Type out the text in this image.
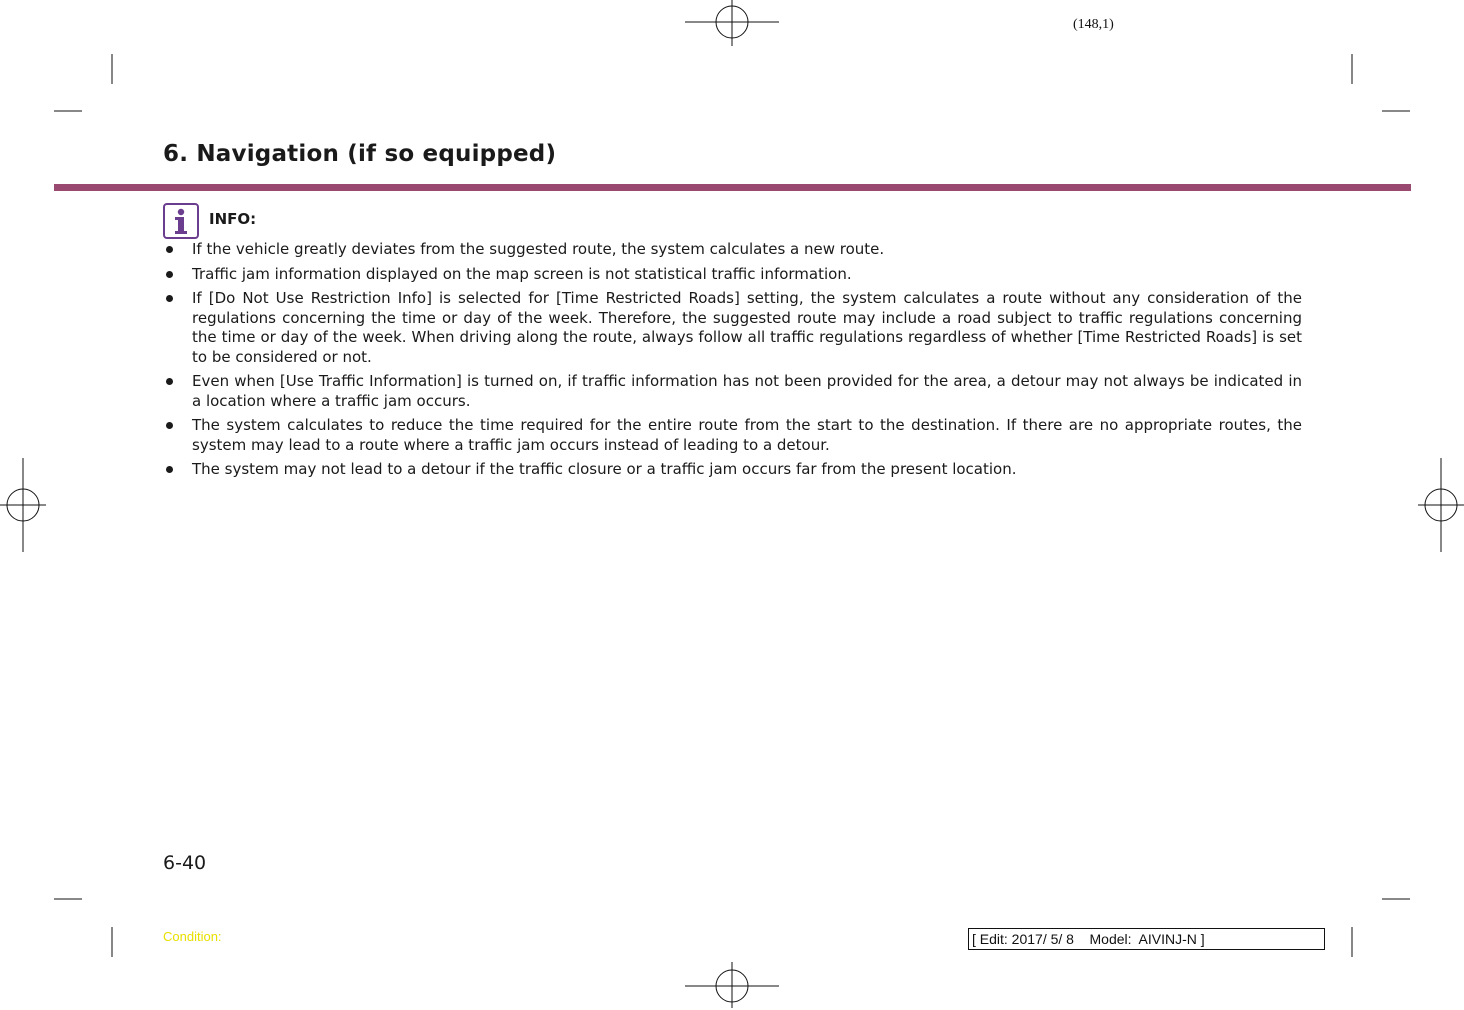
(148,1)
6. Navigation (if so equipped)
INFO:
If the vehicle greatly deviates from the suggested route, the system calculates a new route.
Traffic jam information displayed on the map screen is not statistical traffic information.
If [Do Not Use Restriction Info] is selected for [Time Restricted Roads] setting, the system calculates a route without any consideration of the regulations concerning the time or day of the week. Therefore, the suggested route may include a road subject to traffic regulations concerning the time or day of the week. When driving along the route, always follow all traffic regulations regardless of whether [Time Restricted Roads] is set to be considered or not.
Even when [Use Traffic Information] is turned on, if traffic information has not been provided for the area, a detour may not always be indicated in a location where a traffic jam occurs.
The system calculates to reduce the time required for the entire route from the start to the destination. If there are no appropriate routes, the system may lead to a route where a traffic jam occurs instead of leading to a detour.
The system may not lead to a detour if the traffic closure or a traffic jam occurs far from the present location.
6-40
Condition:	[ Edit: 2017/ 5/ 8    Model:  AIVINJ-N ]
